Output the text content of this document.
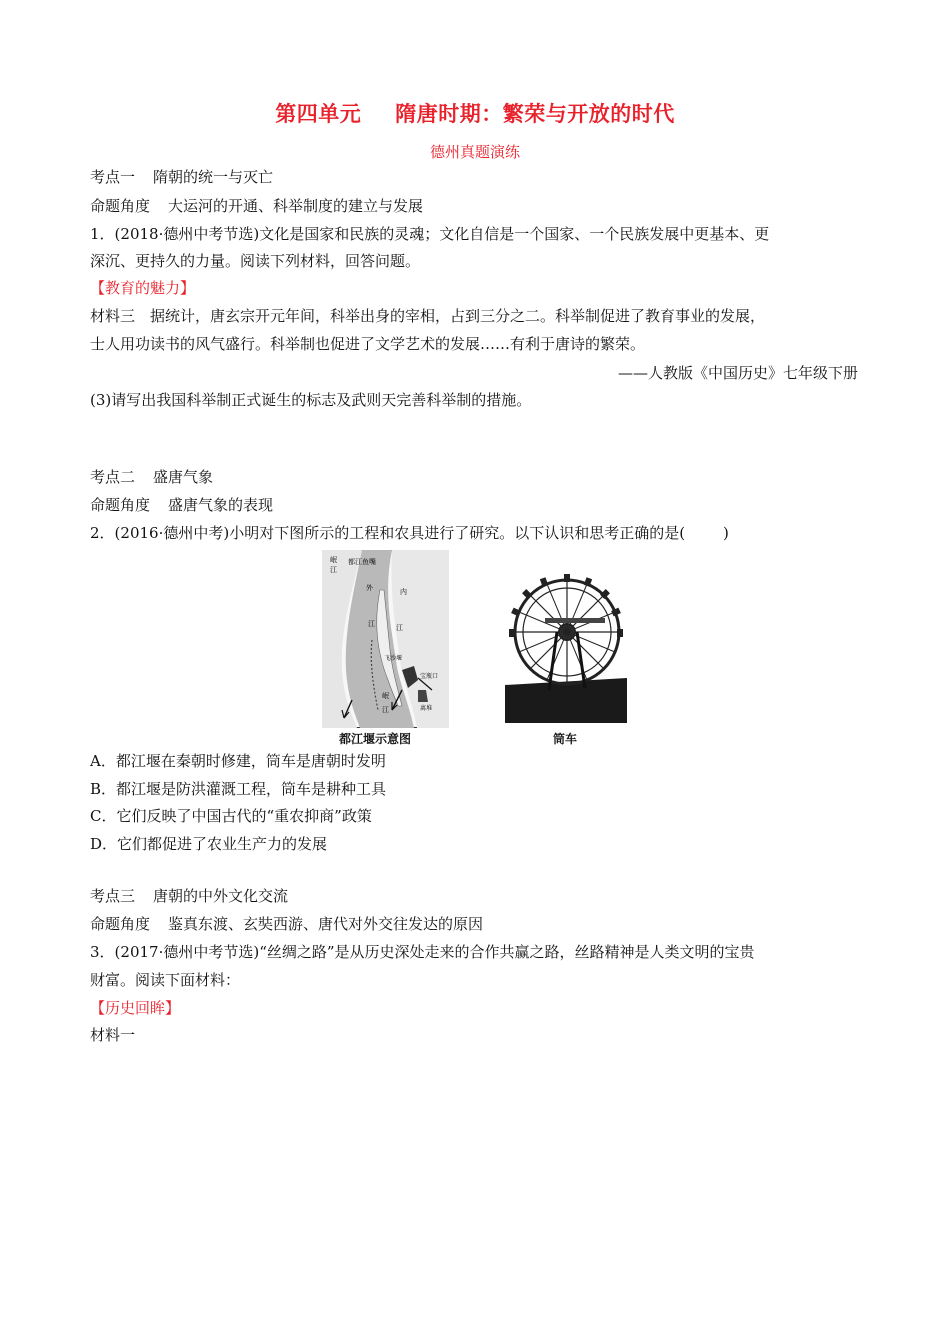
第四单元 隋唐时期：繁荣与开放的时代
德州真题演练
考点一 隋朝的统一与灭亡
命题角度 大运河的开通、科举制度的建立与发展
1．(2018·德州中考节选)文化是国家和民族的灵魂；文化自信是一个国家、一个民族发展中更基本、更
深沉、更持久的力量。阅读下列材料，回答问题。
【教育的魅力】
材料三　据统计，唐玄宗开元年间，科举出身的宰相，占到三分之二。科举制促进了教育事业的发展，
士人用功读书的风气盛行。科举制也促进了文学艺术的发展……有利于唐诗的繁荣。
——人教版《中国历史》七年级下册
(3)请写出我国科举制正式诞生的标志及武则天完善科举制的措施。
考点二 盛唐气象
命题角度 盛唐气象的表现
2．(2016·德州中考)小明对下图所示的工程和农具进行了研究。以下认识和思考正确的是(	)
岷
江
都江鱼嘴
外
江
内
江
飞沙堰
宝瓶口
离堆
岷
江
都江堰示意图	筒车
A．都江堰在秦朝时修建，筒车是唐朝时发明
B．都江堰是防洪灌溉工程，筒车是耕种工具
C．它们反映了中国古代的“重农抑商”政策
D．它们都促进了农业生产力的发展
考点三 唐朝的中外文化交流
命题角度 鉴真东渡、玄奘西游、唐代对外交往发达的原因
3．(2017·德州中考节选)“丝绸之路”是从历史深处走来的合作共赢之路，丝路精神是人类文明的宝贵
财富。阅读下面材料：
【历史回眸】
材料一
